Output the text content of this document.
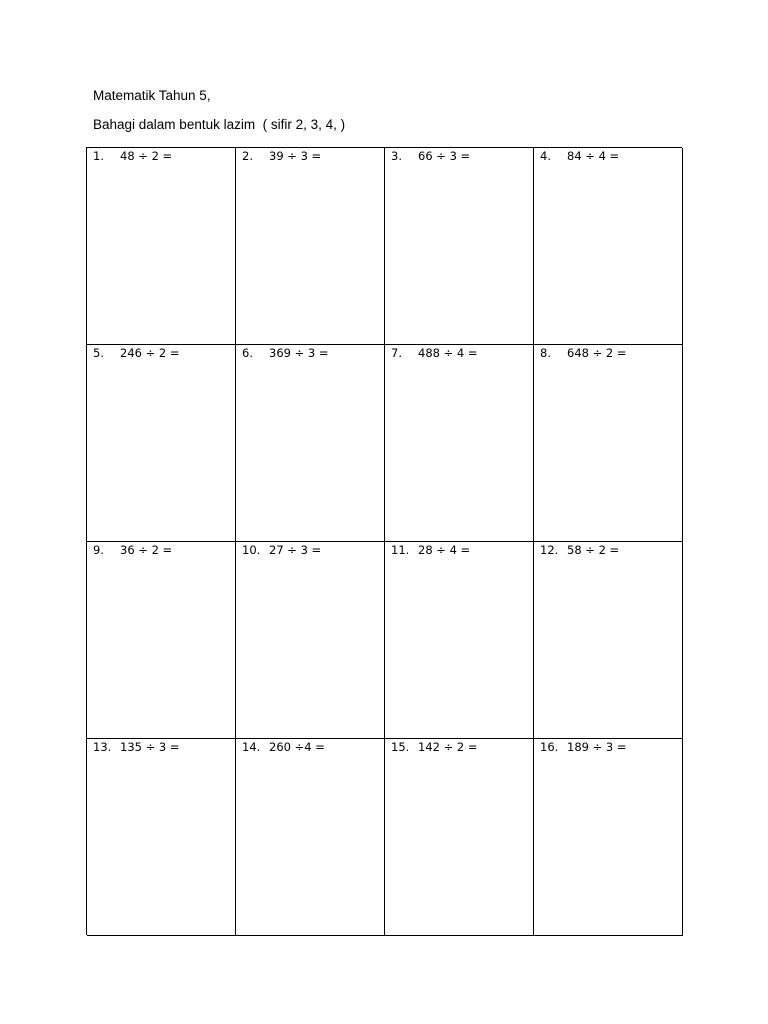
Matematik Tahun 5,
Bahagi dalam bentuk lazim  ( sifir 2, 3, 4, )
1. 48 ÷ 2 =	2. 39 ÷ 3 =	3. 66 ÷ 3 =	4. 84 ÷ 4 =
5. 246 ÷ 2 =	6. 369 ÷ 3 =	7. 488 ÷ 4 =	8. 648 ÷ 2 =
9. 36 ÷ 2 =	10. 27 ÷ 3 =	11. 28 ÷ 4 =	12. 58 ÷ 2 =
13. 135 ÷ 3 =	14. 260 ÷4 =	15. 142 ÷ 2 =	16. 189 ÷ 3 =
